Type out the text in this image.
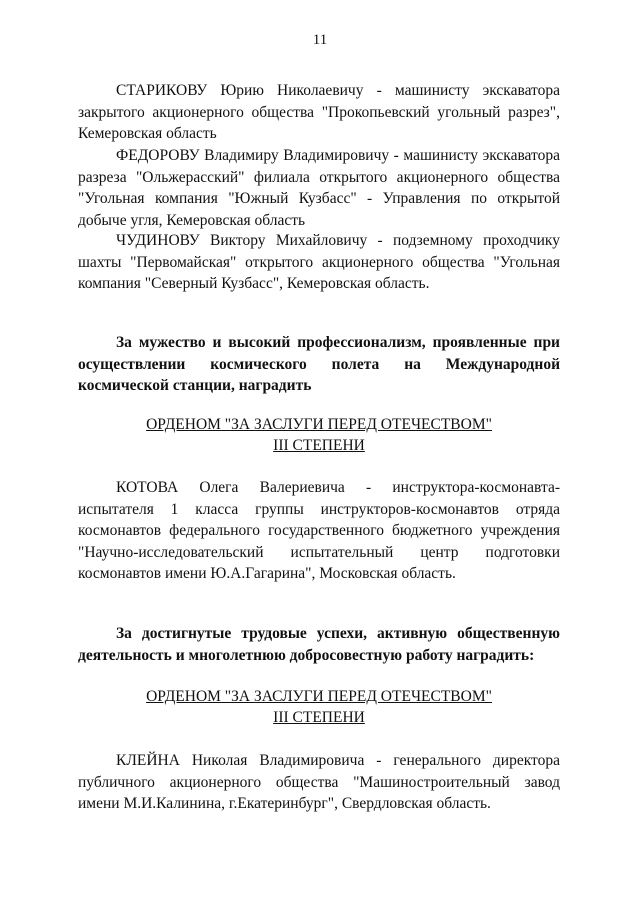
11
СТАРИКОВУ Юрию Николаевичу - машинисту экскаватора закрытого акционерного общества "Прокопьевский угольный разрез", Кемеровская область
ФЕДОРОВУ Владимиру Владимировичу - машинисту экскаватора разреза "Ольжерасский" филиала открытого акционерного общества "Угольная компания "Южный Кузбасс" - Управления по открытой добыче угля, Кемеровская область
ЧУДИНОВУ Виктору Михайловичу - подземному проходчику шахты "Первомайская" открытого акционерного общества "Угольная компания "Северный Кузбасс", Кемеровская область.
За мужество и высокий профессионализм, проявленные при осуществлении космического полета на Международной космической станции, наградить
ОРДЕНОМ "ЗА ЗАСЛУГИ ПЕРЕД ОТЕЧЕСТВОМ"
III СТЕПЕНИ
КОТОВА Олега Валериевича - инструктора-космонавта-испытателя 1 класса группы инструкторов-космонавтов отряда космонавтов федерального государственного бюджетного учреждения "Научно-исследовательский испытательный центр подготовки космонавтов имени Ю.А.Гагарина", Московская область.
За достигнутые трудовые успехи, активную общественную деятельность и многолетнюю добросовестную работу наградить:
ОРДЕНОМ "ЗА ЗАСЛУГИ ПЕРЕД ОТЕЧЕСТВОМ"
III СТЕПЕНИ
КЛЕЙНА Николая Владимировича - генерального директора публичного акционерного общества "Машиностроительный завод имени М.И.Калинина, г.Екатеринбург", Свердловская область.
